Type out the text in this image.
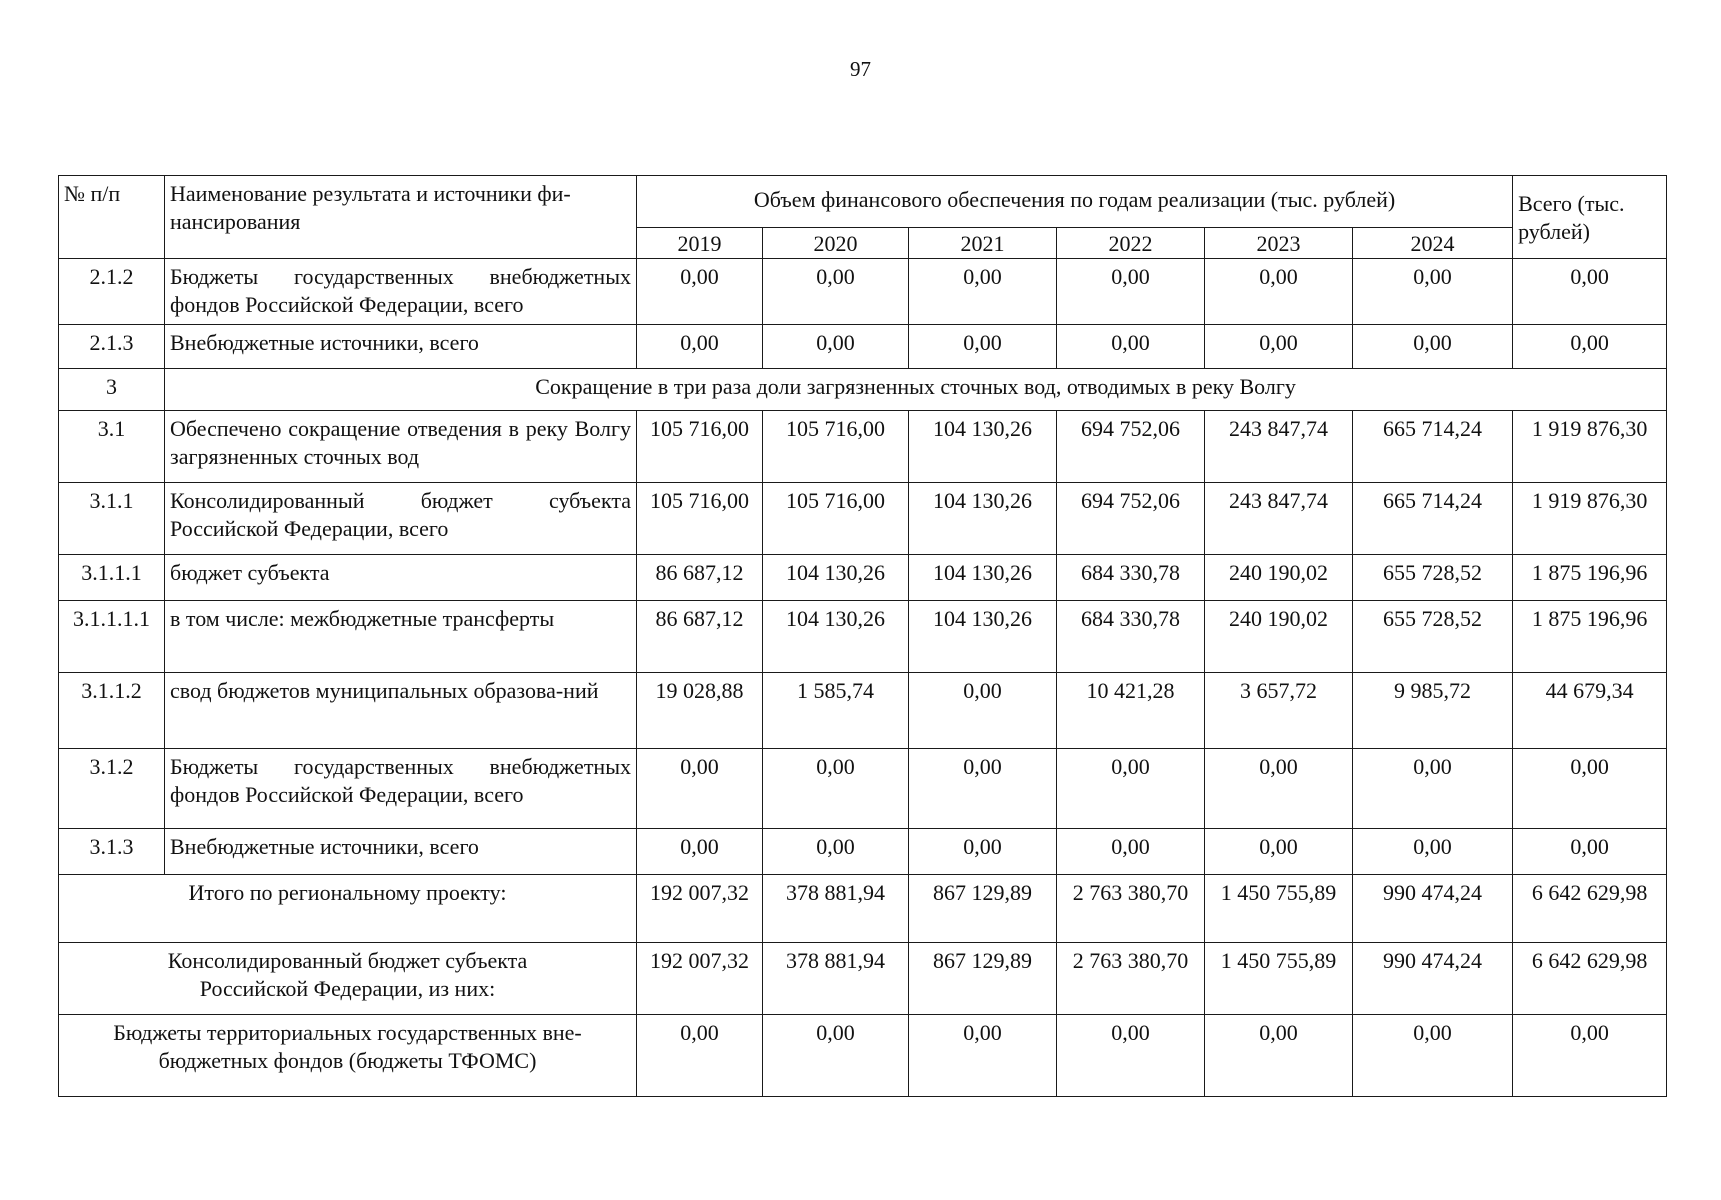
97
№ п/п	Наименование результата и источники фи-нансирования	Объем финансового обеспечения по годам реализации (тыс. рублей)						Всего (тыс. рублей)
		2019	2020	2021	2022	2023	2024	
2.1.2	Бюджеты государственных внебюджетных фондов Российской Федерации, всего	0,00	0,00	0,00	0,00	0,00	0,00	0,00
2.1.3	Внебюджетные источники, всего	0,00	0,00	0,00	0,00	0,00	0,00	0,00
3	Сокращение в три раза доли загрязненных сточных вод, отводимых в реку Волгу							
3.1	Обеспечено сокращение отведения в реку Волгу загрязненных сточных вод	105 716,00	105 716,00	104 130,26	694 752,06	243 847,74	665 714,24	1 919 876,30
3.1.1	Консолидированный бюджет субъекта Российской Федерации, всего	105 716,00	105 716,00	104 130,26	694 752,06	243 847,74	665 714,24	1 919 876,30
3.1.1.1	бюджет субъекта	86 687,12	104 130,26	104 130,26	684 330,78	240 190,02	655 728,52	1 875 196,96
3.1.1.1.1	в том числе: межбюджетные трансферты	86 687,12	104 130,26	104 130,26	684 330,78	240 190,02	655 728,52	1 875 196,96
3.1.1.2	свод бюджетов муниципальных образова-ний	19 028,88	1 585,74	0,00	10 421,28	3 657,72	9 985,72	44 679,34
3.1.2	Бюджеты государственных внебюджетных фондов Российской Федерации, всего	0,00	0,00	0,00	0,00	0,00	0,00	0,00
3.1.3	Внебюджетные источники, всего	0,00	0,00	0,00	0,00	0,00	0,00	0,00
Итого по региональному проекту:		192 007,32	378 881,94	867 129,89	2 763 380,70	1 450 755,89	990 474,24	6 642 629,98
Консолидированный бюджет субъекта Российской Федерации, из них:		192 007,32	378 881,94	867 129,89	2 763 380,70	1 450 755,89	990 474,24	6 642 629,98
Бюджеты территориальных государственных вне-бюджетных фондов (бюджеты ТФОМС)		0,00	0,00	0,00	0,00	0,00	0,00	0,00
